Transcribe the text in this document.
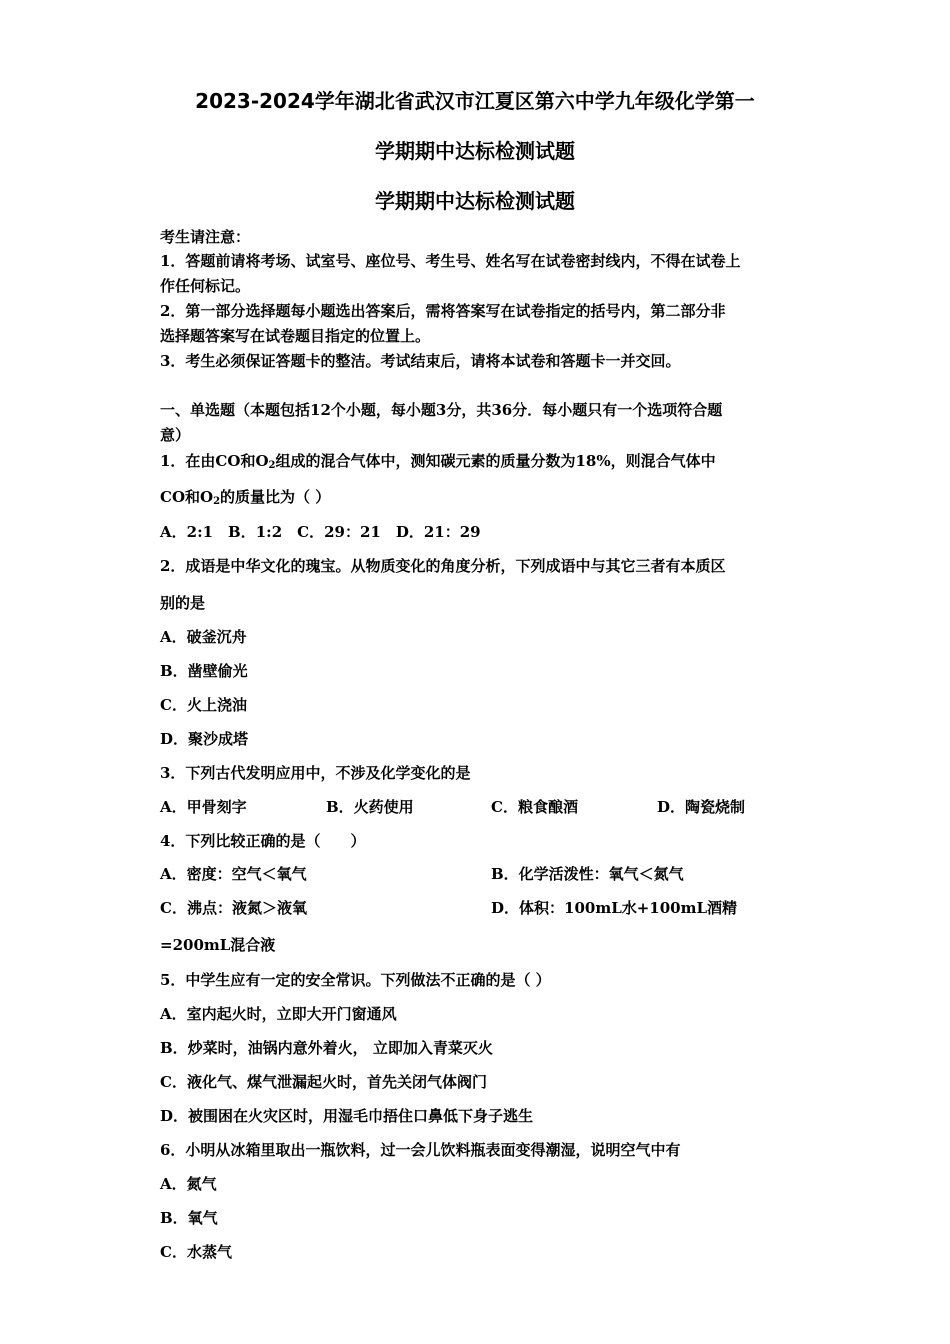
2023-2024学年湖北省武汉市江夏区第六中学九年级化学第一
学期期中达标检测试题
学期期中达标检测试题
考生请注意：
1．答题前请将考场、试室号、座位号、考生号、姓名写在试卷密封线内，不得在试卷上
作任何标记。
2．第一部分选择题每小题选出答案后，需将答案写在试卷指定的括号内，第二部分非
选择题答案写在试卷题目指定的位置上。
3．考生必须保证答题卡的整洁。考试结束后，请将本试卷和答题卡一并交回。
一、单选题（本题包括12个小题，每小题3分，共36分．每小题只有一个选项符合题
意）
1．在由CO和$O_2$组成的混合气体中，测知碳元素的质量分数为18%，则混合气体中
CO和$O_2$的质量比为（ ）
A．2:1　B．1:2　C．29：21　D．21：29
2．成语是中华文化的瑰宝。从物质变化的角度分析，下列成语中与其它三者有本质区
别的是
A．破釜沉舟
B．凿壁偷光
C．火上浇油
D．聚沙成塔
3．下列古代发明应用中，不涉及化学变化的是
A．甲骨刻字	B．火药使用	C．粮食酿酒	D．陶瓷烧制
4．下列比较正确的是（　　）
A．密度：空气＜氧气	B．化学活泼性：氧气＜氮气
C．沸点：液氮＞液氧	D．体积：100mL水+100mL酒精
=200mL混合液
5．中学生应有一定的安全常识。下列做法不正确的是（ ）
A．室内起火时，立即大开门窗通风
B．炒菜时，油锅内意外着火， 立即加入青菜灭火
C．液化气、煤气泄漏起火时，首先关闭气体阀门
D．被围困在火灾区时，用湿毛巾捂住口鼻低下身子逃生
6．小明从冰箱里取出一瓶饮料，过一会儿饮料瓶表面变得潮湿，说明空气中有
A．氮气
B．氧气
C．水蒸气
